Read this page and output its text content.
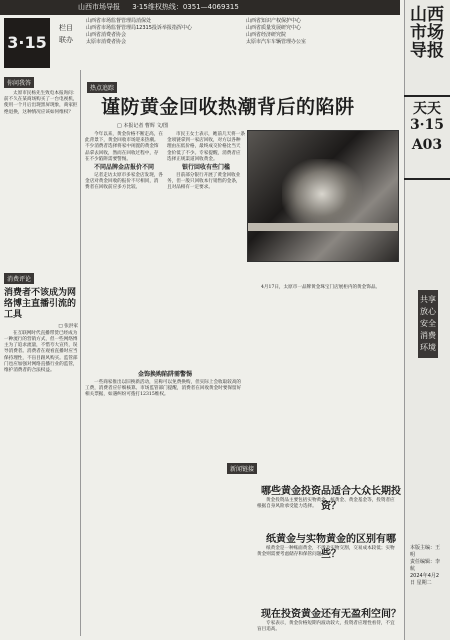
山西市场导报 3·15维权热线：0351—4069315
3·15
栏目
联办
山西省市场监督管理局消保处
山西省市场监督管理局12315投诉举报指挥中心
山西省消费者协会
太原市消费者协会
山西省知识产权保护中心
山西省质量发展研究中心
山西省经济研究院
太原市汽车车辆管理办公室
山西市场导报
天天3·15
A03
共享放心安全消费环境
本版主编：王明
责任编辑：李航
2024年4月2日 星期二
你问我答

太原市民杨先生致电本报询问：前不久在某商场购买了一台电视机，使用一个月后出现黑屏现象，商家拒绝退换，这种情况应该如何维权？

消费评论
消费者不该成为网络博主直播引流的工具
□ 张洪家

在互联网时代直播带货已经成为一种流行的营销方式，但一些网络博主为了追求流量，不惜夸大宣传，误导消费者。消费者在观看直播时应当保持理性，不盲目跟风购买。监管部门也应加强对网络直播行业的监管，维护消费者的合法权益。

热点追踪
谨防黄金回收热潮背后的陷阱
□ 本报记者 曹辉 文/图

今年以来，黄金价格不断走高，在此背景下，黄金回收市场迎来热潮。不少消费者选择将家中闲置的黄金饰品拿去回收，然而在回收过程中，存在不少陷阱需要警惕。

不同品牌金店报价不同

记者走访太原市多家金店发现，各金店对黄金回收的报价不尽相同，消费者在回收前应多方比较。

市民王女士表示，她前几天将一条金项链拿到一家店回收，对方以各种理由压低价格，最终成交价格比当天金价低了不少。专家提醒，消费者应选择正规渠道回收黄金。

银行回收有些门槛

目前部分银行开展了黄金回收业务，但一般只回收本行销售的金条，且对品相有一定要求。

金饰换购陷阱需警惕

一些商家推出以旧换新活动，宣称可以免费换购，但实际上会收取较高的工费，消费者应仔细核算。市场监管部门提醒，消费者在回收黄金时要保留好相关票据，如遇纠纷可拨打12315维权。

4月17日，太原市一品牌黄金珠宝门店展柜内的黄金饰品。
新闻链接
哪些黄金投资品适合大众长期投资？
黄金投资品主要包括实物黄金、纸黄金、黄金基金等，投资者应根据自身风险承受能力选择。
纸黄金与实物黄金的区别有哪些？
纸黄金是一种账面黄金，不涉及实物交割，交易成本较低；实物黄金则需要考虑储存和保管问题。
现在投资黄金还有无盈利空间？
专家表示，黄金价格短期内波动较大，投资者应理性看待，不宜盲目追高。
